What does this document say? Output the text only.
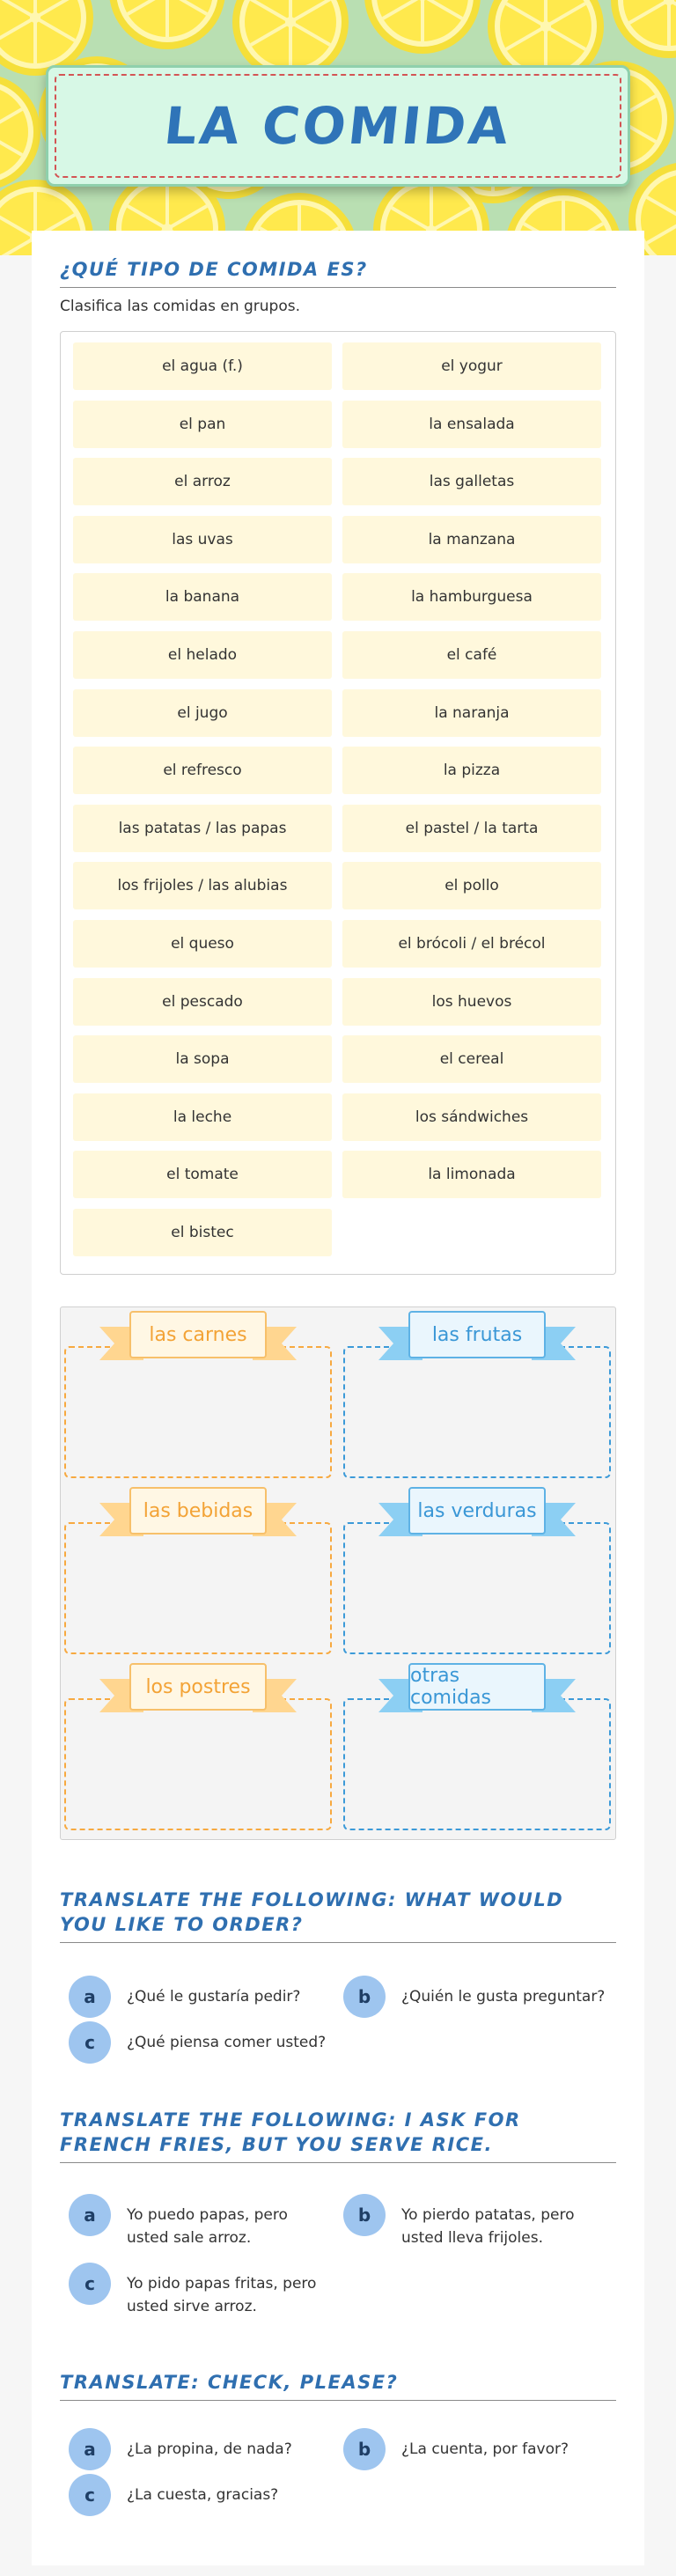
LA COMIDA
¿QUÉ TIPO DE COMIDA ES?
Clasifica las comidas en grupos.
el agua (f.)	el yogur
el pan	la ensalada
el arroz	las galletas
las uvas	la manzana
la banana	la hamburguesa
el helado	el café
el jugo	la naranja
el refresco	la pizza
las patatas / las papas	el pastel / la tarta
los frijoles / las alubias	el pollo
el queso	el brócoli / el brécol
el pescado	los huevos
la sopa	el cereal
la leche	los sándwiches
el tomate	la limonada
el bistec
las carnes	las frutas
las bebidas	las verduras
los postres	otras comidas
TRANSLATE THE FOLLOWING: WHAT WOULD YOU LIKE TO ORDER?
a	¿Qué le gustaría pedir?	b	¿Quién le gusta preguntar?
c	¿Qué piensa comer usted?
TRANSLATE THE FOLLOWING: I ASK FOR FRENCH FRIES, BUT YOU SERVE RICE.
a	Yo puedo papas, pero usted sale arroz.
b	Yo pierdo patatas, pero usted lleva frijoles.
c	Yo pido papas fritas, pero usted sirve arroz.
TRANSLATE: CHECK, PLEASE?
a	¿La propina, de nada?	b	¿La cuenta, por favor?
c	¿La cuesta, gracias?
